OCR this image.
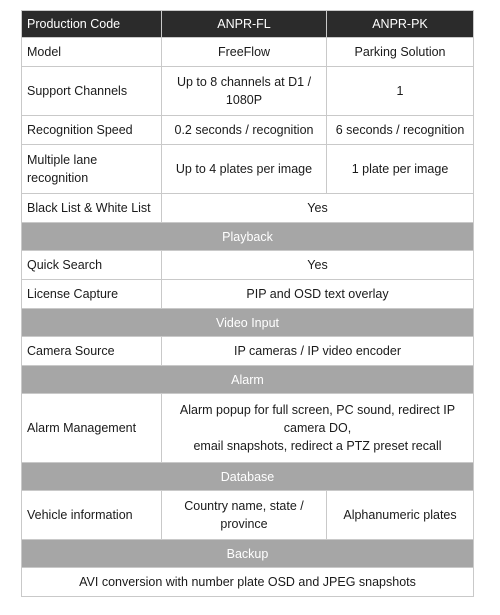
Production Code	ANPR-FL	ANPR-PK
Model	FreeFlow	Parking Solution
Support Channels	Up to 8 channels at D1 / 1080P	1
Recognition Speed	0.2 seconds / recognition	6 seconds / recognition
Multiple lane recognition	Up to 4 plates per image	1 plate per image
Black List & White List	Yes	
Playback		
Quick Search	Yes	
License Capture	PIP and OSD text overlay	
Video Input		
Camera Source	IP cameras / IP video encoder	
Alarm		
Alarm Management	Alarm popup for full screen, PC sound, redirect IP camera DO,
email snapshots, redirect a PTZ preset recall	
Database		
Vehicle information	Country name, state / province	Alphanumeric plates
Backup		
AVI conversion with number plate OSD and JPEG snapshots		
